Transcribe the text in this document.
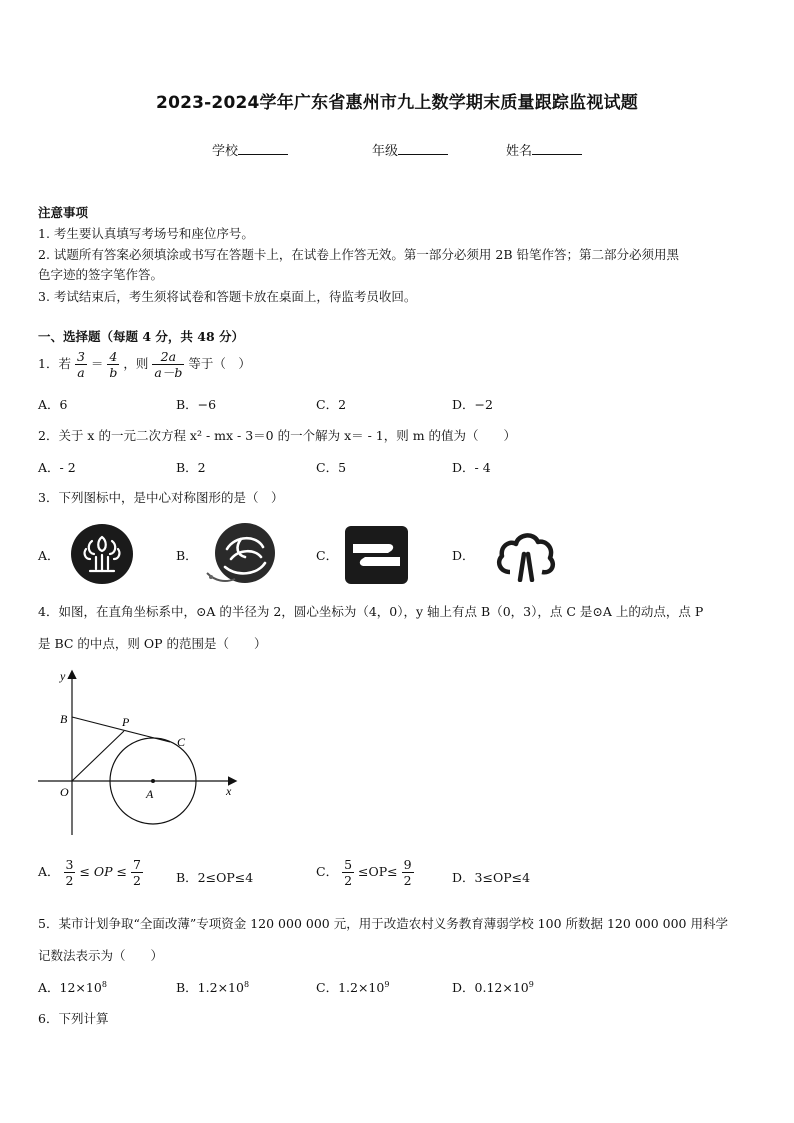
2023-2024学年广东省惠州市九上数学期末质量跟踪监视试题
学校	年级	姓名
注意事项
1. 考生要认真填写考场号和座位序号。
2. 试题所有答案必须填涂或书写在答题卡上，在试卷上作答无效。第一部分必须用 2B 铅笔作答；第二部分必须用黑
色字迹的签字笔作答。
3. 考试结束后，考生须将试卷和答题卡放在桌面上，待监考员收回。
一、选择题（每题 4 分，共 48 分）
1．若 $\frac{3}{a} = \frac{4}{b}$ ，则 $\frac{2a}{a-b}$ 等于（　）
A．6	B．−6	C．2	D．−2
2．关于 x 的一元二次方程 x² - mx - 3＝0 的一个解为 x＝ - 1，则 m 的值为（　　）
A．- 2	B．2	C．5	D．- 4
3．下列图标中，是中心对称图形的是（　）
A．	B．	C．	D．
4．如图，在直角坐标系中，⊙A 的半径为 2，圆心坐标为（4，0），y 轴上有点 B（0，3），点 C 是⊙A 上的动点，点 P
是 BC 的中点，则 OP 的范围是（　　）
y
x
B	P
C
O	A
A． $\frac{3}{2}$ ≤ OP ≤ $\frac{7}{2}$	B．2≤OP≤4	C． $\frac{5}{2} \le OP\le \frac{9}{2}$	D．3≤OP≤4
5．某市计划争取“全面改薄”专项资金 120 000 000 元，用于改造农村义务教育薄弱学校 100 所数据 120 000 000 用科学
记数法表示为（　　）
A．$12\times 10^8$	B．$1.2\times 10^8$	C．$1.2\times 10^9$	D．$0.12\times 10^9$
6．下列计算
